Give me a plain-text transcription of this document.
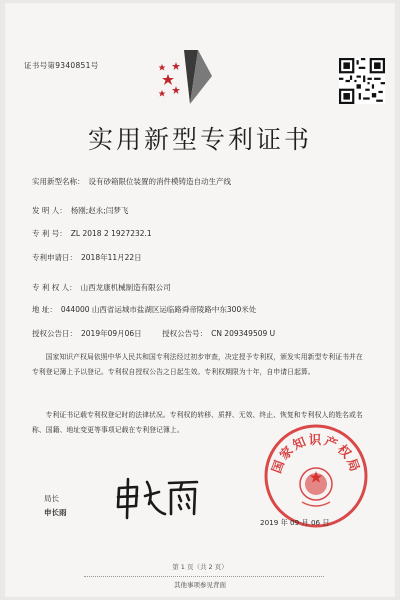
证书号第9340851号
实用新型专利证书
实用新型名称： 设有砂箱限位装置的消件模铸造自动生产线
发 明 人： 杨刚;赵永;闫梦飞
专 利 号： ZL 2018 2 1927232.1
专利申请日： 2018年11月22日
专 利 权 人： 山西龙康机械制造有限公司
地 址： 044000 山西省运城市盐湖区运临路舜帝陵路中东300米处
授权公告日： 2019年09月06日	授权公告号： CN 209349509 U
国家知识产权局依照中华人民共和国专利法经过初步审查，决定授予专利权，颁发实用新型专利证书并在专利登记簿上予以登记。专利权自授权公告之日起生效。专利权期限为十年，自申请日起算。
专利证书记载专利权登记时的法律状况。专利权的转移、质押、无效、终止、恢复和专利权人的姓名或名称、国籍、地址变更等事项记载在专利登记簿上。
国家知识产权局
局长
申长雨
2019 年 09 月 06 日
第 1 页（共 2 页）
其他事项参见背面
